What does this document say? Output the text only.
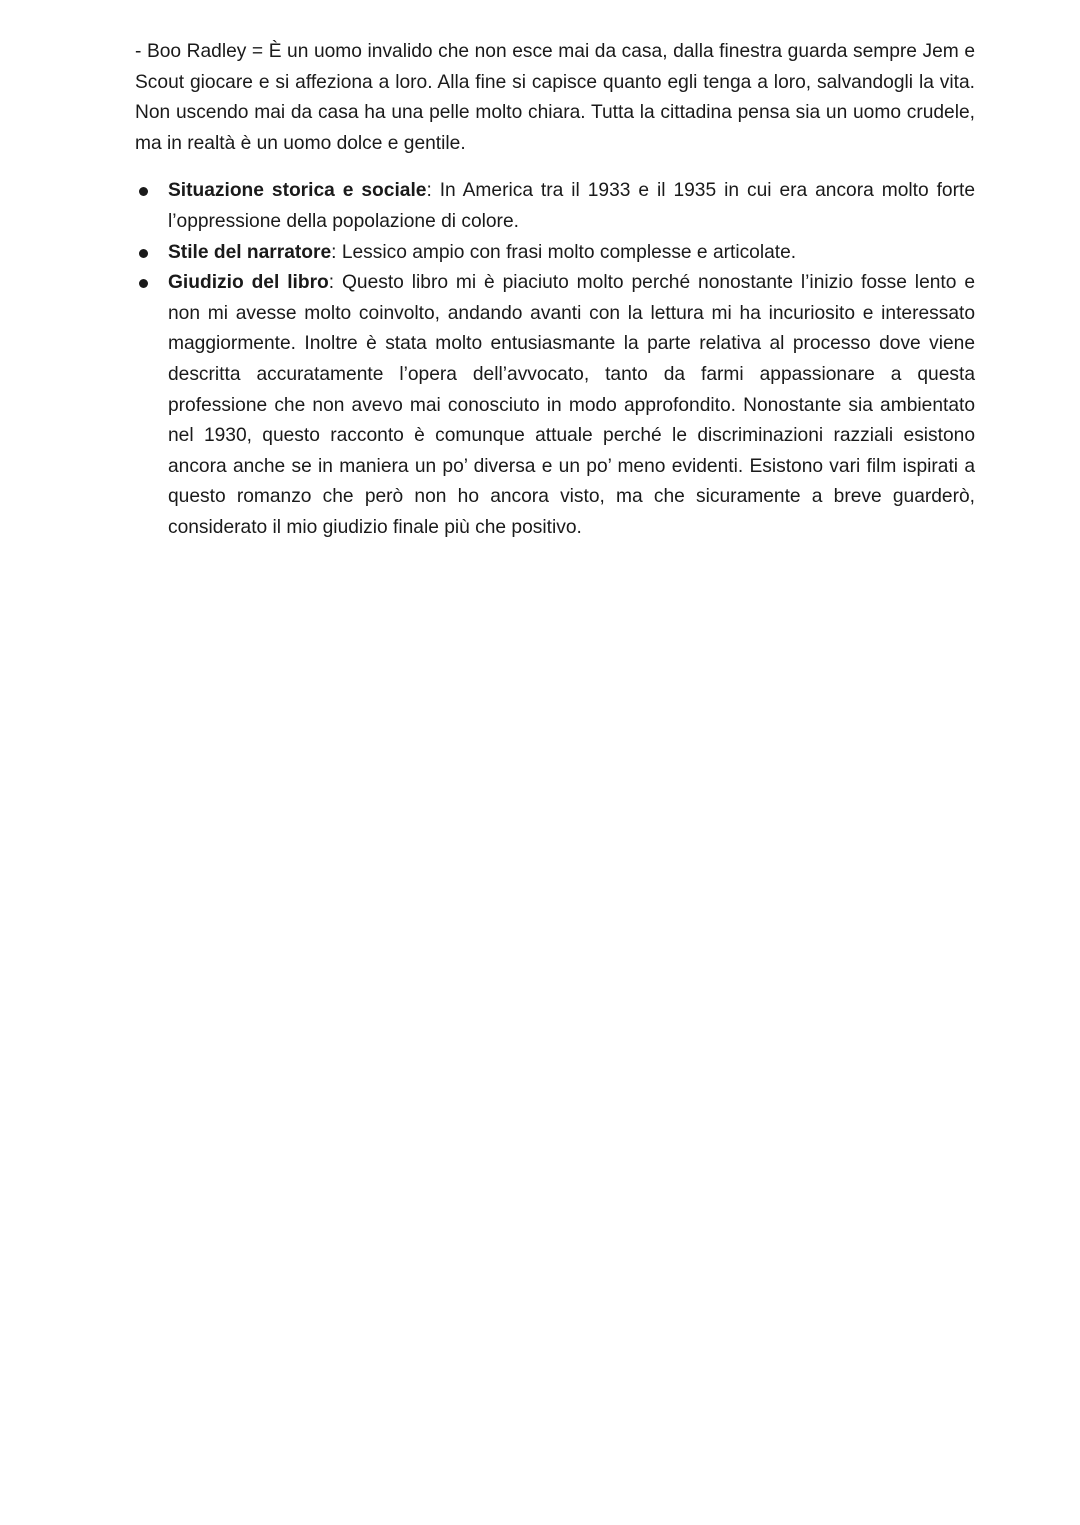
- Boo Radley = È un uomo invalido che non esce mai da casa, dalla finestra guarda sempre Jem e Scout giocare e si affeziona a loro. Alla fine si capisce quanto egli tenga a loro, salvandogli la vita. Non uscendo mai da casa ha una pelle molto chiara. Tutta la cittadina pensa sia un uomo crudele, ma in realtà è un uomo dolce e gentile.

Situazione storica e sociale: In America tra il 1933 e il 1935 in cui era ancora molto forte l’oppressione della popolazione di colore.
Stile del narratore: Lessico ampio con frasi molto complesse e articolate.
Giudizio del libro: Questo libro mi è piaciuto molto perché nonostante l’inizio fosse lento e non mi avesse molto coinvolto, andando avanti con la lettura mi ha incuriosito e interessato maggiormente. Inoltre è stata molto entusiasmante la parte relativa al processo dove viene descritta accuratamente l’opera dell’avvocato, tanto da farmi appassionare a questa professione che non avevo mai conosciuto in modo approfondito. Nonostante sia ambientato nel 1930, questo racconto è comunque attuale perché le discriminazioni razziali esistono ancora anche se in maniera un po’ diversa e un po’ meno evidenti. Esistono vari film ispirati a questo romanzo che però non ho ancora visto, ma che sicuramente a breve guarderò, considerato il mio giudizio finale più che positivo.
